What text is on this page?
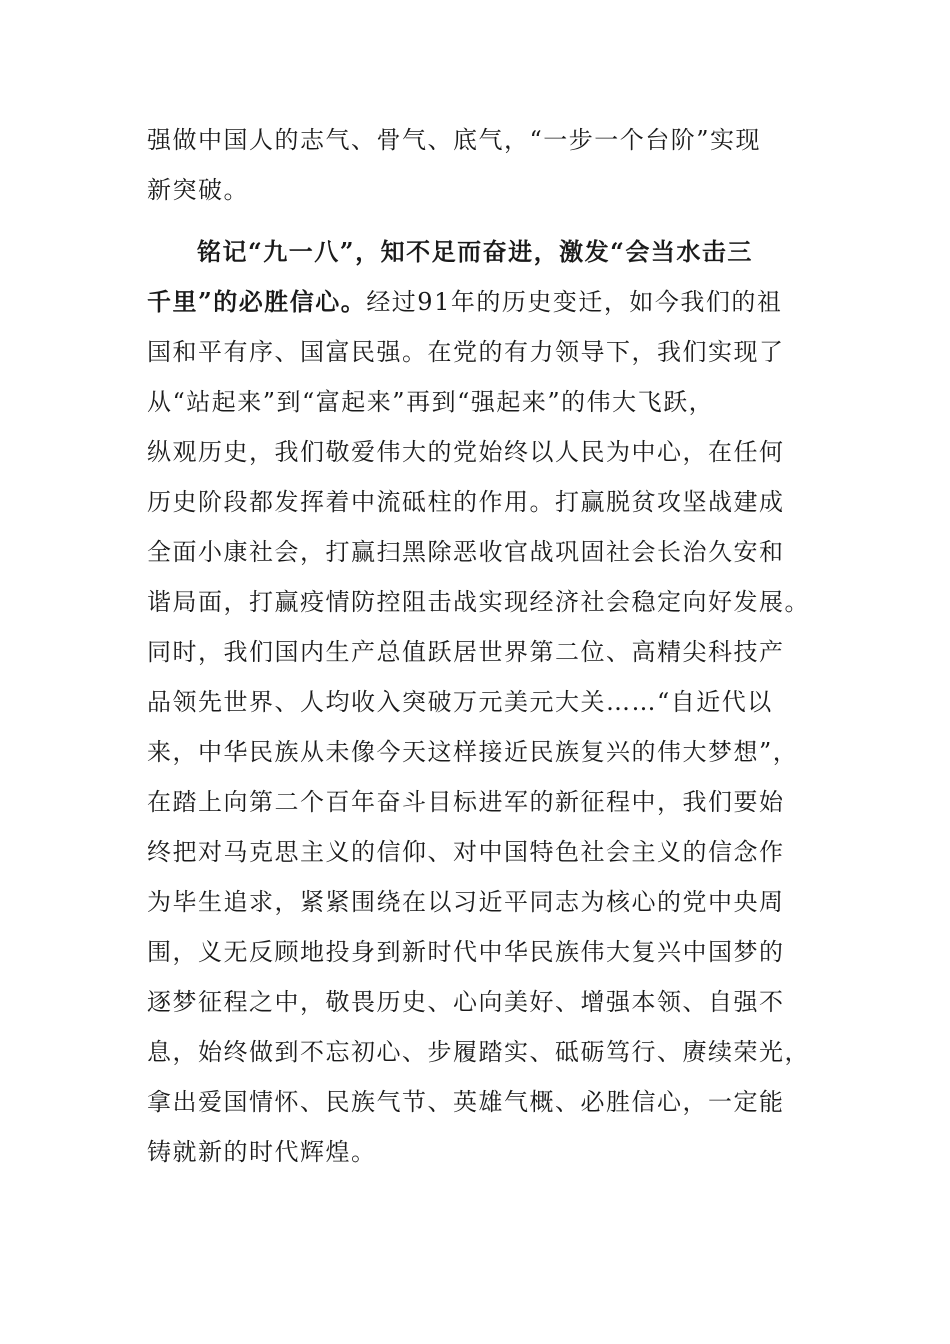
强做中国人的志气、骨气、底气，“一步一个台阶”实现
新突破。
铭记“九一八”，知不足而奋进，激发“会当水击三
千里”的必胜信心。经过91年的历史变迁，如今我们的祖
国和平有序、国富民强。在党的有力领导下，我们实现了
从“站起来”到“富起来”再到“强起来”的伟大飞跃，
纵观历史，我们敬爱伟大的党始终以人民为中心，在任何
历史阶段都发挥着中流砥柱的作用。打赢脱贫攻坚战建成
全面小康社会，打赢扫黑除恶收官战巩固社会长治久安和
谐局面，打赢疫情防控阻击战实现经济社会稳定向好发展。
同时，我们国内生产总值跃居世界第二位、高精尖科技产
品领先世界、人均收入突破万元美元大关……“自近代以
来，中华民族从未像今天这样接近民族复兴的伟大梦想”，
在踏上向第二个百年奋斗目标进军的新征程中，我们要始
终把对马克思主义的信仰、对中国特色社会主义的信念作
为毕生追求，紧紧围绕在以习近平同志为核心的党中央周
围，义无反顾地投身到新时代中华民族伟大复兴中国梦的
逐梦征程之中，敬畏历史、心向美好、增强本领、自强不
息，始终做到不忘初心、步履踏实、砥砺笃行、赓续荣光，
拿出爱国情怀、民族气节、英雄气概、必胜信心，一定能
铸就新的时代辉煌。
